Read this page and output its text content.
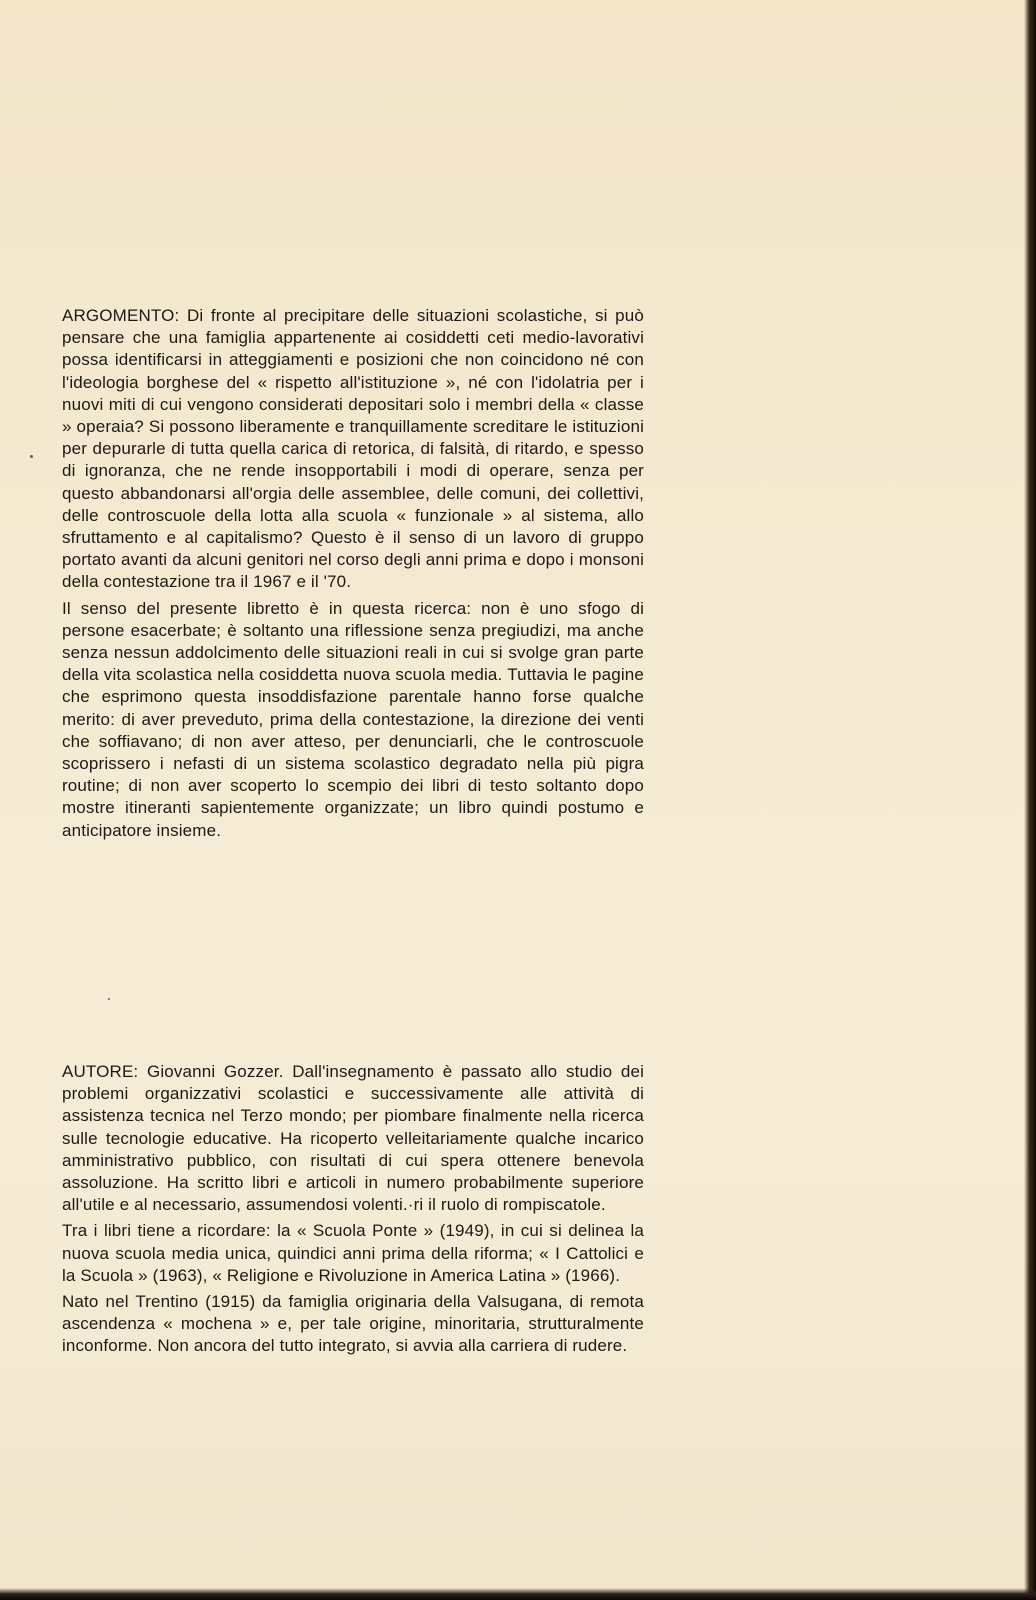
ARGOMENTO: Di fronte al precipitare delle situazioni scolastiche, si può pensare che una famiglia appartenente ai cosiddetti ceti medio-lavorativi possa identificarsi in atteggiamenti e posizioni che non coincidono né con l'ideologia borghese del « rispetto all'istituzione », né con l'idolatria per i nuovi miti di cui vengono considerati depositari solo i membri della « classe » operaia? Si possono liberamente e tranquillamente screditare le istituzioni per depurarle di tutta quella carica di retorica, di falsità, di ritardo, e spesso di ignoranza, che ne rende insopportabili i modi di operare, senza per questo abbandonarsi all'orgia delle assemblee, delle comuni, dei collettivi, delle controscuole della lotta alla scuola « funzionale » al sistema, allo sfruttamento e al capitalismo? Questo è il senso di un lavoro di gruppo portato avanti da alcuni genitori nel corso degli anni prima e dopo i monsoni della contestazione tra il 1967 e il '70.

Il senso del presente libretto è in questa ricerca: non è uno sfogo di persone esacerbate; è soltanto una riflessione senza pregiudizi, ma anche senza nessun addolcimento delle situazioni reali in cui si svolge gran parte della vita scolastica nella cosiddetta nuova scuola media. Tuttavia le pagine che esprimono questa insoddisfazione parentale hanno forse qualche merito: di aver preveduto, prima della contestazione, la direzione dei venti che soffiavano; di non aver atteso, per denunciarli, che le controscuole scoprissero i nefasti di un sistema scolastico degradato nella più pigra routine; di non aver scoperto lo scempio dei libri di testo soltanto dopo mostre itineranti sapientemente organizzate; un libro quindi postumo e anticipatore insieme.

AUTORE: Giovanni Gozzer. Dall'insegnamento è passato allo studio dei problemi organizzativi scolastici e successivamente alle attività di assistenza tecnica nel Terzo mondo; per piombare finalmente nella ricerca sulle tecnologie educative. Ha ricoperto velleitariamente qualche incarico amministrativo pubblico, con risultati di cui spera ottenere benevola assoluzione. Ha scritto libri e articoli in numero probabilmente superiore all'utile e al necessario, assumendosi volenti.·ri il ruolo di rompiscatole.

Tra i libri tiene a ricordare: la « Scuola Ponte » (1949), in cui si delinea la nuova scuola media unica, quindici anni prima della riforma; « I Cattolici e la Scuola » (1963), « Religione e Rivoluzione in America Latina » (1966).

Nato nel Trentino (1915) da famiglia originaria della Valsugana, di remota ascendenza « mochena » e, per tale origine, minoritaria, strutturalmente inconforme. Non ancora del tutto integrato, si avvia alla carriera di rudere.
